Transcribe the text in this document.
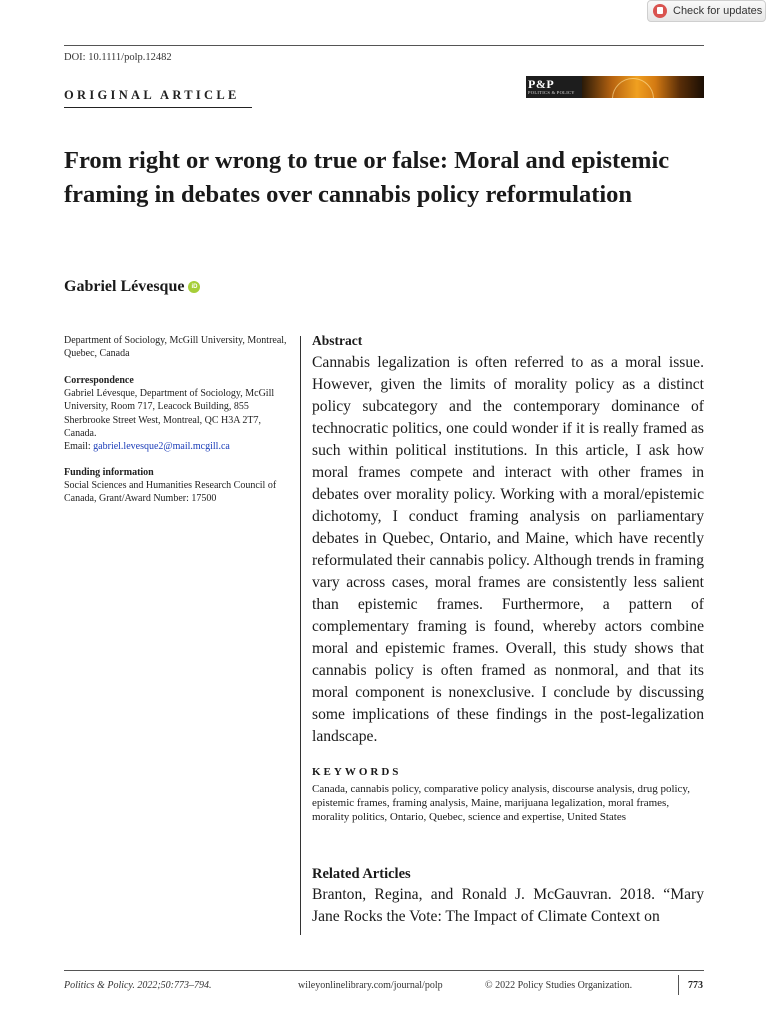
Check for updates
DOI: 10.1111/polp.12482
ORIGINAL ARTICLE
P&P
POLITICS & POLICY
From right or wrong to true or false: Moral and epistemic framing in debates over cannabis policy reformulation
Gabriel Lévesque	iD
Department of Sociology, McGill University, Montreal, Quebec, Canada
Correspondence
Gabriel Lévesque, Department of Sociology, McGill University, Room 717, Leacock Building, 855 Sherbrooke Street West, Montreal, QC H3A 2T7, Canada.
Email: gabriel.levesque2@mail.mcgill.ca
Funding information
Social Sciences and Humanities Research Council of Canada, Grant/Award Number: 17500
Abstract

Cannabis legalization is often referred to as a moral issue. However, given the limits of morality policy as a distinct policy subcategory and the contemporary dominance of technocratic politics, one could wonder if it is really framed as such within political institutions. In this article, I ask how moral frames compete and interact with other frames in debates over morality policy. Working with a moral/epistemic dichotomy, I conduct framing analysis on parliamentary debates in Quebec, Ontario, and Maine, which have recently reformulated their cannabis policy. Although trends in framing vary across cases, moral frames are consistently less salient than epistemic frames. Furthermore, a pattern of complementary framing is found, whereby actors combine moral and epistemic frames. Overall, this study shows that cannabis policy is often framed as nonmoral, and that its moral component is nonexclusive. I conclude by discussing some implications of these findings in the post-legalization landscape.

KEYWORDS

Canada, cannabis policy, comparative policy analysis, discourse analysis, drug policy, epistemic frames, framing analysis, Maine, marijuana legalization, moral frames, morality politics, Ontario, Quebec, science and expertise, United States

Related Articles

Branton, Regina, and Ronald J. McGauvran. 2018. “Mary Jane Rocks the Vote: The Impact of Climate Context on

Politics & Policy. 2022;50:773–794.	wileyonlinelibrary.com/journal/polp	© 2022 Policy Studies Organization.	773
